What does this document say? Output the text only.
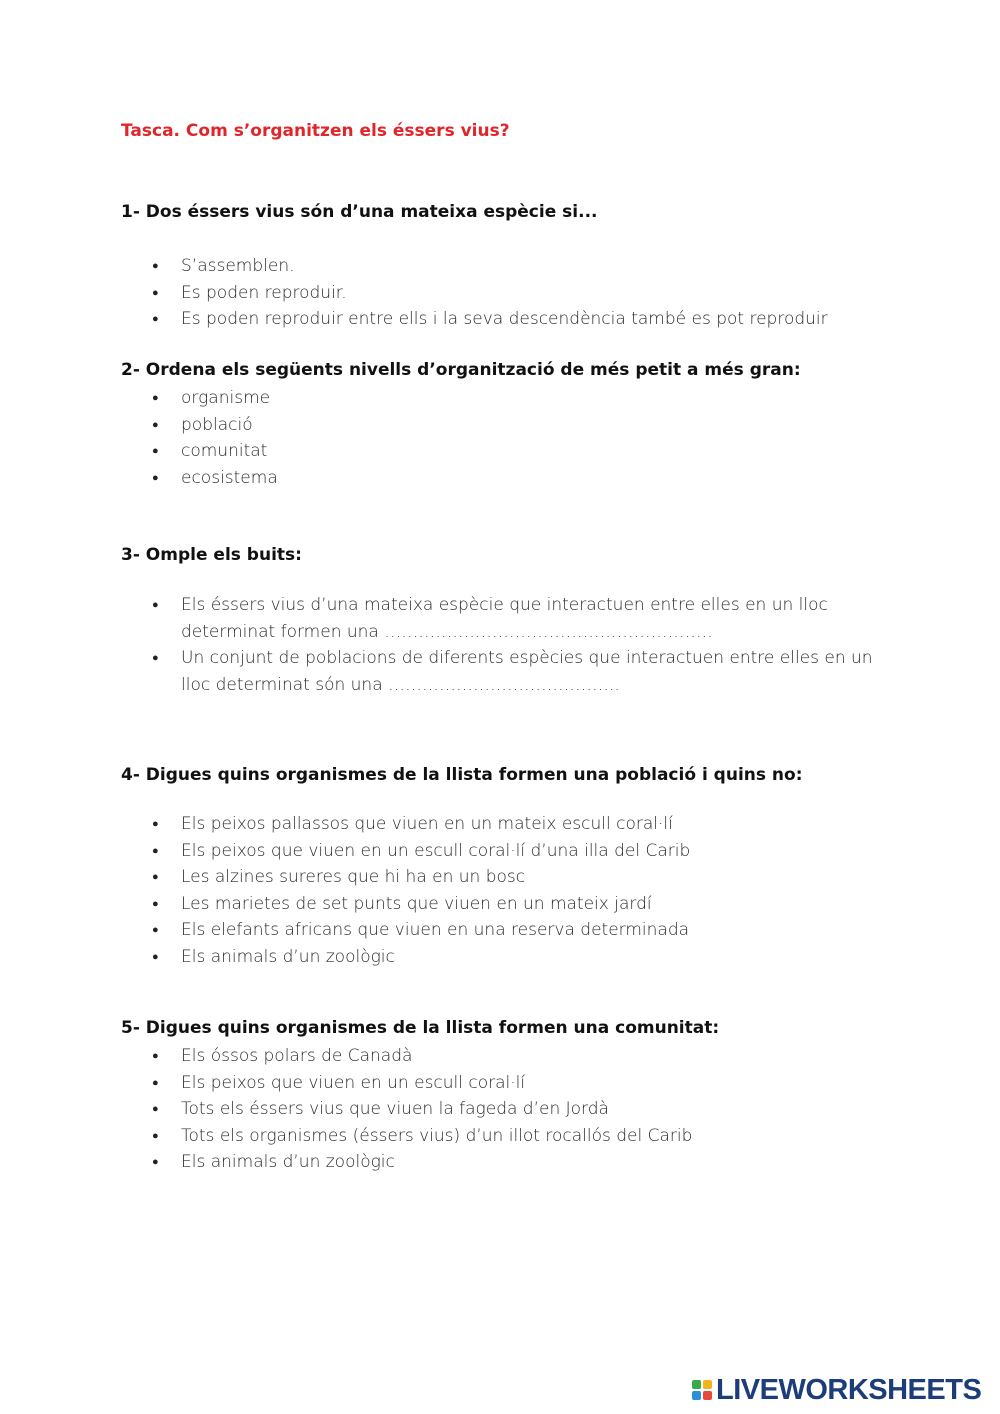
Tasca. Com s’organitzen els éssers vius?

1- Dos éssers vius són d’una mateixa espècie si...

● S’assemblen.
● Es poden reproduir.
● Es poden reproduir entre ells i la seva descendència també es pot reproduir

2- Ordena els següents nivells d’organització de més petit a més gran:

● organisme
● població
● comunitat
● ecosistema

3- Omple els buits:

● Els éssers vius d’una mateixa espècie que interactuen entre elles en un lloc determinat formen una ………………………………………………….
● Un conjunt de poblacions de diferents espècies que interactuen entre elles en un lloc determinat són una …………………………………..

4- Digues quins organismes de la llista formen una població i quins no:

● Els peixos pallassos que viuen en un mateix escull coral·lí
● Els peixos que viuen en un escull coral·lí d’una illa del Carib
● Les alzines sureres que hi ha en un bosc
● Les marietes de set punts que viuen en un mateix jardí
● Els elefants africans que viuen en una reserva determinada
● Els animals d’un zoològic

5- Digues quins organismes de la llista formen una comunitat:

● Els óssos polars de Canadà
● Els peixos que viuen en un escull coral·lí
● Tots els éssers vius que viuen la fageda d’en Jordà
● Tots els organismes (éssers vius) d’un illot rocallós del Carib
● Els animals d’un zoològic
LIVEWORKSHEETS
